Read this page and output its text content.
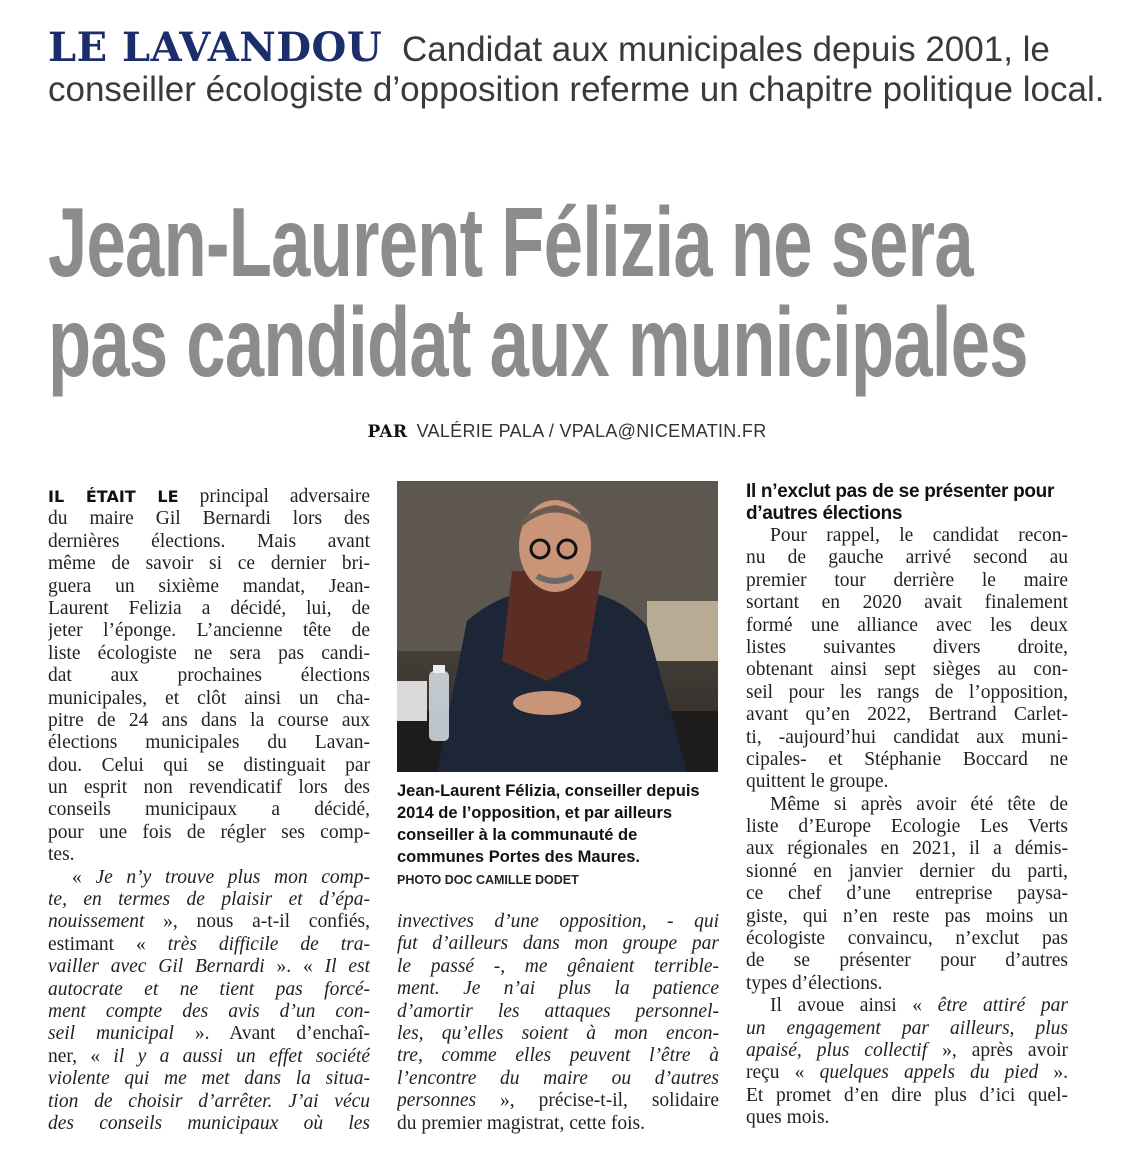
LE LAVANDOU Candidat aux municipales depuis 2001, le conseiller écologiste d’opposition referme un chapitre politique local.
Jean-Laurent Félizia ne sera
pas candidat aux municipales
PAR VALÉRIE PALA / VPALA@NICEMATIN.FR
IL ÉTAIT LE principal adversaire
du maire Gil Bernardi lors des
dernières élections. Mais avant
même de savoir si ce dernier bri-
guera un sixième mandat, Jean-
Laurent Felizia a décidé, lui, de
jeter l’éponge. L’ancienne tête de
liste écologiste ne sera pas candi-
dat aux prochaines élections
municipales, et clôt ainsi un cha-
pitre de 24 ans dans la course aux
élections municipales du Lavan-
dou. Celui qui se distinguait par
un esprit non revendicatif lors des
conseils municipaux a décidé,
pour une fois de régler ses comp-
tes.
« Je n’y trouve plus mon comp-
te, en termes de plaisir et d’épa-
nouissement », nous a-t-il confiés,
estimant « très difficile de tra-
vailler avec Gil Bernardi ». « Il est
autocrate et ne tient pas forcé-
ment compte des avis d’un con-
seil municipal ». Avant d’enchaî-
ner, « il y a aussi un effet société
violente qui me met dans la situa-
tion de choisir d’arrêter. J’ai vécu
des conseils municipaux où les
Jean-Laurent Félizia, conseiller depuis 2014 de l’opposition, et par ailleurs conseiller à la communauté de communes Portes des Maures.
PHOTO DOC CAMILLE DODET
invectives d’une opposition, - qui
fut d’ailleurs dans mon groupe par
le passé -, me gênaient terrible-
ment. Je n’ai plus la patience
d’amortir les attaques personnel-
les, qu’elles soient à mon encon-
tre, comme elles peuvent l’être à
l’encontre du maire ou d’autres
personnes », précise-t-il, solidaire
du premier magistrat, cette fois.
Il n’exclut pas de se présenter pour d’autres élections
Pour rappel, le candidat recon-
nu de gauche arrivé second au
premier tour derrière le maire
sortant en 2020 avait finalement
formé une alliance avec les deux
listes suivantes divers droite,
obtenant ainsi sept sièges au con-
seil pour les rangs de l’opposition,
avant qu’en 2022, Bertrand Carlet-
ti, -aujourd’hui candidat aux muni-
cipales- et Stéphanie Boccard ne
quittent le groupe.
Même si après avoir été tête de
liste d’Europe Ecologie Les Verts
aux régionales en 2021, il a démis-
sionné en janvier dernier du parti,
ce chef d’une entreprise paysa-
giste, qui n’en reste pas moins un
écologiste convaincu, n’exclut pas
de se présenter pour d’autres
types d’élections.
Il avoue ainsi « être attiré par
un engagement par ailleurs, plus
apaisé, plus collectif », après avoir
reçu « quelques appels du pied ».
Et promet d’en dire plus d’ici quel-
ques mois.
